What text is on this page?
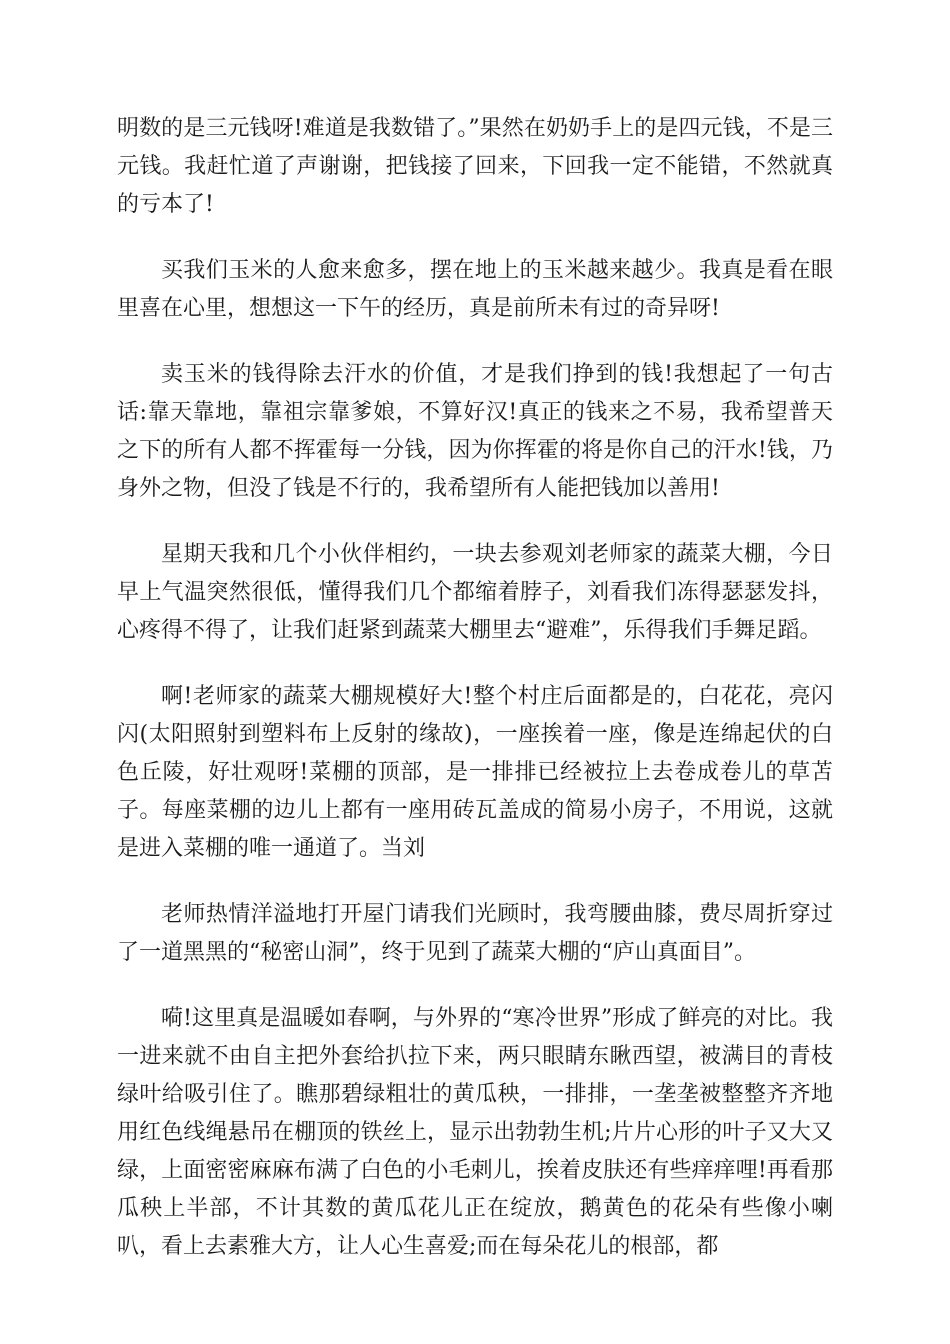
明数的是三元钱呀!难道是我数错了。”果然在奶奶手上的是四元钱，不是三元钱。我赶忙道了声谢谢，把钱接了回来，下回我一定不能错，不然就真的亏本了!

买我们玉米的人愈来愈多，摆在地上的玉米越来越少。我真是看在眼里喜在心里，想想这一下午的经历，真是前所未有过的奇异呀!

卖玉米的钱得除去汗水的价值，才是我们挣到的钱!我想起了一句古话:靠天靠地，靠祖宗靠爹娘，不算好汉!真正的钱来之不易，我希望普天之下的所有人都不挥霍每一分钱，因为你挥霍的将是你自己的汗水!钱，乃身外之物，但没了钱是不行的，我希望所有人能把钱加以善用!

星期天我和几个小伙伴相约，一块去参观刘老师家的蔬菜大棚，今日早上气温突然很低，懂得我们几个都缩着脖子，刘看我们冻得瑟瑟发抖，心疼得不得了，让我们赶紧到蔬菜大棚里去“避难”，乐得我们手舞足蹈。

啊!老师家的蔬菜大棚规模好大!整个村庄后面都是的，白花花，亮闪闪(太阳照射到塑料布上反射的缘故)，一座挨着一座，像是连绵起伏的白色丘陵，好壮观呀!菜棚的顶部，是一排排已经被拉上去卷成卷儿的草苫子。每座菜棚的边儿上都有一座用砖瓦盖成的简易小房子，不用说，这就是进入菜棚的唯一通道了。当刘

老师热情洋溢地打开屋门请我们光顾时，我弯腰曲膝，费尽周折穿过了一道黑黑的“秘密山洞”，终于见到了蔬菜大棚的“庐山真面目”。

嗬!这里真是温暖如春啊，与外界的“寒冷世界”形成了鲜亮的对比。我一进来就不由自主把外套给扒拉下来，两只眼睛东瞅西望，被满目的青枝绿叶给吸引住了。瞧那碧绿粗壮的黄瓜秧，一排排，一垄垄被整整齐齐地用红色线绳悬吊在棚顶的铁丝上，显示出勃勃生机;片片心形的叶子又大又绿，上面密密麻麻布满了白色的小毛刺儿，挨着皮肤还有些痒痒哩!再看那瓜秧上半部，不计其数的黄瓜花儿正在绽放，鹅黄色的花朵有些像小喇叭，看上去素雅大方，让人心生喜爱;而在每朵花儿的根部，都
